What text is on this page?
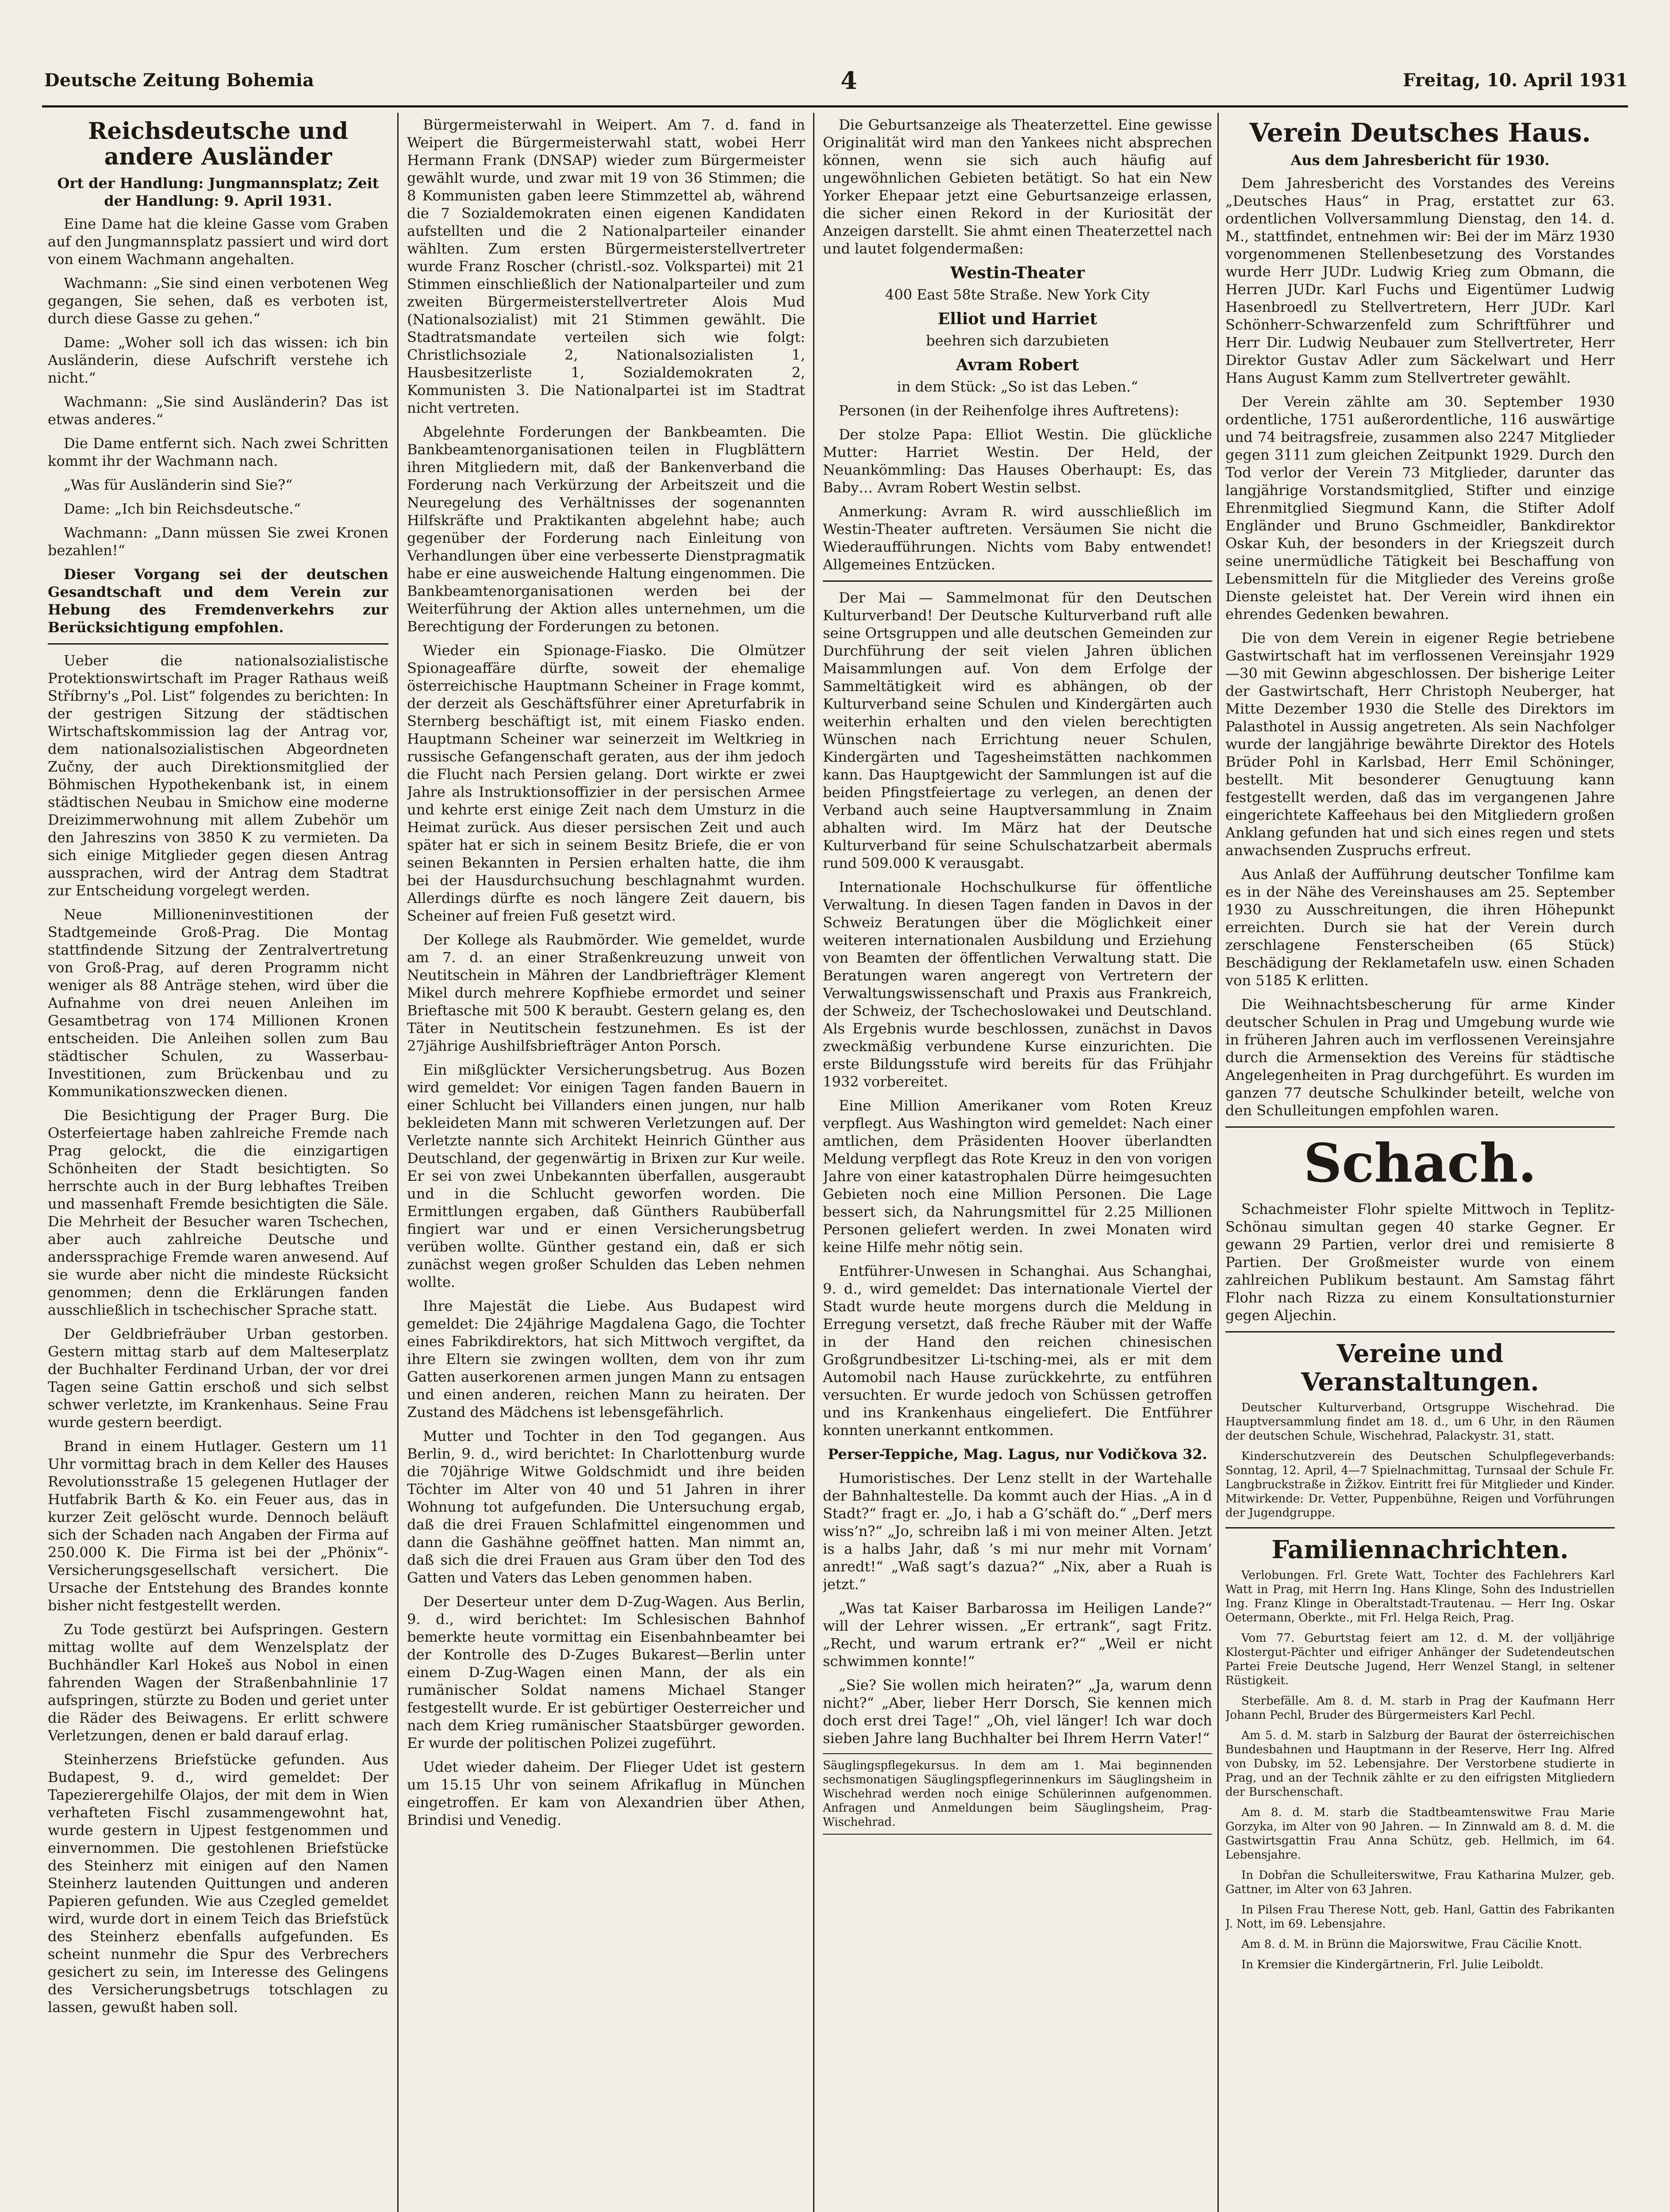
Deutsche Zeitung Bohemia	4	Freitag, 10. April 1931
Reichsdeutsche und andere Ausländer
Ort der Handlung: Jungmannsplatz; Zeit der Handlung: 9. April 1931.

Eine Dame hat die kleine Gasse vom Graben auf den Jungmannsplatz passiert und wird dort von einem Wachmann angehalten.

Wachmann: „Sie sind einen verbotenen Weg gegangen, Sie sehen, daß es verboten ist, durch diese Gasse zu gehen.“

Dame: „Woher soll ich das wissen: ich bin Ausländerin, diese Aufschrift verstehe ich nicht.“

Wachmann: „Sie sind Ausländerin? Das ist etwas anderes.“

Die Dame entfernt sich. Nach zwei Schritten kommt ihr der Wachmann nach.

„Was für Ausländerin sind Sie?“

Dame: „Ich bin Reichsdeutsche.“

Wachmann: „Dann müssen Sie zwei Kronen bezahlen!“

Dieser Vorgang sei der deutschen Gesandtschaft und dem Verein zur Hebung des Fremdenverkehrs zur Berücksichtigung empfohlen.

Ueber die nationalsozialistische Protektionswirtschaft im Prager Rathaus weiß Stříbrny's „Pol. List“ folgendes zu berichten: In der gestrigen Sitzung der städtischen Wirtschaftskommission lag der Antrag vor, dem nationalsozialistischen Abgeordneten Zučny, der auch Direktionsmitglied der Böhmischen Hypothekenbank ist, in einem städtischen Neubau in Smichow eine moderne Dreizimmerwohnung mit allem Zubehör um den Jahreszins von 3850 K zu vermieten. Da sich einige Mitglieder gegen diesen Antrag aussprachen, wird der Antrag dem Stadtrat zur Entscheidung vorgelegt werden.

Neue Millioneninvestitionen der Stadtgemeinde Groß-Prag. Die Montag stattfindende Sitzung der Zentralvertretung von Groß-Prag, auf deren Programm nicht weniger als 88 Anträge stehen, wird über die Aufnahme von drei neuen Anleihen im Gesamtbetrag von 174 Millionen Kronen entscheiden. Die Anleihen sollen zum Bau städtischer Schulen, zu Wasserbau-Investitionen, zum Brückenbau und zu Kommunikationszwecken dienen.

Die Besichtigung der Prager Burg. Die Osterfeiertage haben zahlreiche Fremde nach Prag gelockt, die die einzigartigen Schönheiten der Stadt besichtigten. So herrschte auch in der Burg lebhaftes Treiben und massenhaft Fremde besichtigten die Säle. Die Mehrheit der Besucher waren Tschechen, aber auch zahlreiche Deutsche und anderssprachige Fremde waren anwesend. Auf sie wurde aber nicht die mindeste Rücksicht genommen; denn die Erklärungen fanden ausschließlich in tschechischer Sprache statt.

Der Geldbriefräuber Urban gestorben. Gestern mittag starb auf dem Malteserplatz der Buchhalter Ferdinand Urban, der vor drei Tagen seine Gattin erschoß und sich selbst schwer verletzte, im Krankenhaus. Seine Frau wurde gestern beerdigt.

Brand in einem Hutlager. Gestern um 11 Uhr vormittag brach in dem Keller des Hauses Revolutionsstraße 15 gelegenen Hutlager der Hutfabrik Barth & Ko. ein Feuer aus, das in kurzer Zeit gelöscht wurde. Dennoch beläuft sich der Schaden nach Angaben der Firma auf 250.000 K. Die Firma ist bei der „Phönix“-Versicherungsgesellschaft versichert. Die Ursache der Entstehung des Brandes konnte bisher nicht festgestellt werden.

Zu Tode gestürzt bei Aufspringen. Gestern mittag wollte auf dem Wenzelsplatz der Buchhändler Karl Hokeš aus Nobol in einen fahrenden Wagen der Straßenbahnlinie 17 aufspringen, stürzte zu Boden und geriet unter die Räder des Beiwagens. Er erlitt schwere Verletzungen, denen er bald darauf erlag.

Steinherzens Briefstücke gefunden. Aus Budapest, 9. d., wird gemeldet: Der Tapezierergehilfe Olajos, der mit dem in Wien verhafteten Fischl zusammengewohnt hat, wurde gestern in Ujpest festgenommen und einvernommen. Die gestohlenen Briefstücke des Steinherz mit einigen auf den Namen Steinherz lautenden Quittungen und anderen Papieren gefunden. Wie aus Czegled gemeldet wird, wurde dort in einem Teich das Briefstück des Steinherz ebenfalls aufgefunden. Es scheint nunmehr die Spur des Verbrechers gesichert zu sein, im Interesse des Gelingens des Versicherungsbetrugs totschlagen zu lassen, gewußt haben soll.

Bürgermeisterwahl in Weipert. Am 7. d. fand in Weipert die Bürgermeisterwahl statt, wobei Herr Hermann Frank (DNSAP) wieder zum Bürgermeister gewählt wurde, und zwar mit 19 von 36 Stimmen; die 8 Kommunisten gaben leere Stimmzettel ab, während die 7 Sozialdemokraten einen eigenen Kandidaten aufstellten und die 2 Nationalparteiler einander wählten. Zum ersten Bürgermeisterstellvertreter wurde Franz Roscher (christl.-soz. Volkspartei) mit 21 Stimmen einschließlich der Nationalparteiler und zum zweiten Bürgermeisterstellvertreter Alois Mud (Nationalsozialist) mit 21 Stimmen gewählt. Die Stadtratsmandate verteilen sich wie folgt: Christlichsoziale 2, Nationalsozialisten 1, Hausbesitzerliste 1, Sozialdemokraten 2, Kommunisten 3. Die Nationalpartei ist im Stadtrat nicht vertreten.

Abgelehnte Forderungen der Bankbeamten. Die Bankbeamtenorganisationen teilen in Flugblättern ihren Mitgliedern mit, daß der Bankenverband die Forderung nach Verkürzung der Arbeitszeit und die Neuregelung des Verhältnisses der sogenannten Hilfskräfte und Praktikanten abgelehnt habe; auch gegenüber der Forderung nach Einleitung von Verhandlungen über eine verbesserte Dienstpragmatik habe er eine ausweichende Haltung eingenommen. Die Bankbeamtenorganisationen werden bei der Weiterführung der Aktion alles unternehmen, um die Berechtigung der Forderungen zu betonen.

Wieder ein Spionage-Fiasko. Die Olmützer Spionageaffäre dürfte, soweit der ehemalige österreichische Hauptmann Scheiner in Frage kommt, der derzeit als Geschäftsführer einer Apreturfabrik in Sternberg beschäftigt ist, mit einem Fiasko enden. Hauptmann Scheiner war seinerzeit im Weltkrieg in russische Gefangenschaft geraten, aus der ihm jedoch die Flucht nach Persien gelang. Dort wirkte er zwei Jahre als Instruktionsoffizier in der persischen Armee und kehrte erst einige Zeit nach dem Umsturz in die Heimat zurück. Aus dieser persischen Zeit und auch später hat er sich in seinem Besitz Briefe, die er von seinen Bekannten in Persien erhalten hatte, die ihm bei der Hausdurchsuchung beschlagnahmt wurden. Allerdings dürfte es noch längere Zeit dauern, bis Scheiner auf freien Fuß gesetzt wird.

Der Kollege als Raubmörder. Wie gemeldet, wurde am 7. d. an einer Straßenkreuzung unweit von Neutitschein in Mähren der Landbriefträger Klement Mikel durch mehrere Kopfhiebe ermordet und seiner Brieftasche mit 500 K beraubt. Gestern gelang es, den Täter in Neutitschein festzunehmen. Es ist der 27jährige Aushilfsbriefträger Anton Porsch.

Ein mißglückter Versicherungsbetrug. Aus Bozen wird gemeldet: Vor einigen Tagen fanden Bauern in einer Schlucht bei Villanders einen jungen, nur halb bekleideten Mann mit schweren Verletzungen auf. Der Verletzte nannte sich Architekt Heinrich Günther aus Deutschland, der gegenwärtig in Brixen zur Kur weile. Er sei von zwei Unbekannten überfallen, ausgeraubt und in die Schlucht geworfen worden. Die Ermittlungen ergaben, daß Günthers Raubüberfall fingiert war und er einen Versicherungsbetrug verüben wollte. Günther gestand ein, daß er sich zunächst wegen großer Schulden das Leben nehmen wollte.

Ihre Majestät die Liebe. Aus Budapest wird gemeldet: Die 24jährige Magdalena Gago, die Tochter eines Fabrikdirektors, hat sich Mittwoch vergiftet, da ihre Eltern sie zwingen wollten, dem von ihr zum Gatten auserkorenen armen jungen Mann zu entsagen und einen anderen, reichen Mann zu heiraten. Der Zustand des Mädchens ist lebensgefährlich.

Mutter und Tochter in den Tod gegangen. Aus Berlin, 9. d., wird berichtet: In Charlottenburg wurde die 70jährige Witwe Goldschmidt und ihre beiden Töchter im Alter von 40 und 51 Jahren in ihrer Wohnung tot aufgefunden. Die Untersuchung ergab, daß die drei Frauen Schlafmittel eingenommen und dann die Gashähne geöffnet hatten. Man nimmt an, daß sich die drei Frauen aus Gram über den Tod des Gatten und Vaters das Leben genommen haben.

Der Deserteur unter dem D-Zug-Wagen. Aus Berlin, 9. d., wird berichtet: Im Schlesischen Bahnhof bemerkte heute vormittag ein Eisenbahnbeamter bei der Kontrolle des D-Zuges Bukarest—Berlin unter einem D-Zug-Wagen einen Mann, der als ein rumänischer Soldat namens Michael Stanger festgestellt wurde. Er ist gebürtiger Oesterreicher und nach dem Krieg rumänischer Staatsbürger geworden. Er wurde der politischen Polizei zugeführt.

Udet wieder daheim. Der Flieger Udet ist gestern um 15.15 Uhr von seinem Afrikaflug in München eingetroffen. Er kam von Alexandrien über Athen, Brindisi und Venedig.

Die Geburtsanzeige als Theaterzettel. Eine gewisse Originalität wird man den Yankees nicht absprechen können, wenn sie sich auch häufig auf ungewöhnlichen Gebieten betätigt. So hat ein New Yorker Ehepaar jetzt eine Geburtsanzeige erlassen, die sicher einen Rekord in der Kuriosität der Anzeigen darstellt. Sie ahmt einen Theaterzettel nach und lautet folgendermaßen:

Westin-Theater

400 East 58te Straße. New York City

Elliot und Harriet

beehren sich darzubieten

Avram Robert

in dem Stück: „So ist das Leben.“

Personen (in der Reihenfolge ihres Auftretens):

Der stolze Papa: Elliot Westin. Die glückliche Mutter: Harriet Westin. Der Held, der Neuankömmling: Das Hauses Oberhaupt: Es, das Baby… Avram Robert Westin selbst.

Anmerkung: Avram R. wird ausschließlich im Westin-Theater auftreten. Versäumen Sie nicht die Wiederaufführungen. Nichts vom Baby entwendet! Allgemeines Entzücken.

Der Mai — Sammelmonat für den Deutschen Kulturverband! Der Deutsche Kulturverband ruft alle seine Ortsgruppen und alle deutschen Gemeinden zur Durchführung der seit vielen Jahren üblichen Maisammlungen auf. Von dem Erfolge der Sammeltätigkeit wird es abhängen, ob der Kulturverband seine Schulen und Kindergärten auch weiterhin erhalten und den vielen berechtigten Wünschen nach Errichtung neuer Schulen, Kindergärten und Tagesheimstätten nachkommen kann. Das Hauptgewicht der Sammlungen ist auf die beiden Pfingstfeiertage zu verlegen, an denen der Verband auch seine Hauptversammlung in Znaim abhalten wird. Im März hat der Deutsche Kulturverband für seine Schulschatzarbeit abermals rund 509.000 K verausgabt.

Internationale Hochschulkurse für öffentliche Verwaltung. In diesen Tagen fanden in Davos in der Schweiz Beratungen über die Möglichkeit einer weiteren internationalen Ausbildung und Erziehung von Beamten der öffentlichen Verwaltung statt. Die Beratungen waren angeregt von Vertretern der Verwaltungswissenschaft und Praxis aus Frankreich, der Schweiz, der Tschechoslowakei und Deutschland. Als Ergebnis wurde beschlossen, zunächst in Davos zweckmäßig verbundene Kurse einzurichten. Die erste Bildungsstufe wird bereits für das Frühjahr 1932 vorbereitet.

Eine Million Amerikaner vom Roten Kreuz verpflegt. Aus Washington wird gemeldet: Nach einer amtlichen, dem Präsidenten Hoover überlandten Meldung verpflegt das Rote Kreuz in den von vorigen Jahre von einer katastrophalen Dürre heimgesuchten Gebieten noch eine Million Personen. Die Lage bessert sich, da Nahrungsmittel für 2.25 Millionen Personen geliefert werden. In zwei Monaten wird keine Hilfe mehr nötig sein.

Entführer-Unwesen in Schanghai. Aus Schanghai, 9. d., wird gemeldet: Das internationale Viertel der Stadt wurde heute morgens durch die Meldung in Erregung versetzt, daß freche Räuber mit der Waffe in der Hand den reichen chinesischen Großgrundbesitzer Li-tsching-mei, als er mit dem Automobil nach Hause zurückkehrte, zu entführen versuchten. Er wurde jedoch von Schüssen getroffen und ins Krankenhaus eingeliefert. Die Entführer konnten unerkannt entkommen.

Perser-Teppiche, Mag. Lagus, nur Vodičkova 32.

Humoristisches. Der Lenz stellt in der Wartehalle der Bahnhaltestelle. Da kommt auch der Hias. „A in d Stadt?“ fragt er. „Jo, i hab a G’schäft do.“ „Derf mers wiss’n?“ „Jo, schreibn laß i mi von meiner Alten. Jetzt is a halbs Jahr, daß ’s mi nur mehr mit Vornam’ anredt!“ „Waß sagt’s dazua?“ „Nix, aber a Ruah is jetzt.“

„Was tat Kaiser Barbarossa im Heiligen Lande?“ will der Lehrer wissen. „Er ertrank“, sagt Fritz. „Recht, und warum ertrank er?“ „Weil er nicht schwimmen konnte!“

„Sie? Sie wollen mich heiraten?“ „Ja, warum denn nicht?“ „Aber, lieber Herr Dorsch, Sie kennen mich doch erst drei Tage!“ „Oh, viel länger! Ich war doch sieben Jahre lang Buchhalter bei Ihrem Herrn Vater!“

Säuglingspflegekursus. In dem am 1. Mai beginnenden sechsmonatigen Säuglingspflegerinnenkurs im Säuglingsheim in Wischehrad werden noch einige Schülerinnen aufgenommen. Anfragen und Anmeldungen beim Säuglingsheim, Prag-Wischehrad.
Verein Deutsches Haus.
Aus dem Jahresbericht für 1930.

Dem Jahresbericht des Vorstandes des Vereins „Deutsches Haus“ in Prag, erstattet zur 63. ordentlichen Vollversammlung Dienstag, den 14. d. M., stattfindet, entnehmen wir: Bei der im März 1930 vorgenommenen Stellenbesetzung des Vorstandes wurde Herr JUDr. Ludwig Krieg zum Obmann, die Herren JUDr. Karl Fuchs und Eigentümer Ludwig Hasenbroedl zu Stellvertretern, Herr JUDr. Karl Schönherr-Schwarzenfeld zum Schriftführer und Herr Dir. Ludwig Neubauer zum Stellvertreter, Herr Direktor Gustav Adler zum Säckelwart und Herr Hans August Kamm zum Stellvertreter gewählt.

Der Verein zählte am 30. September 1930 ordentliche, 1751 außerordentliche, 116 auswärtige und 74 beitragsfreie, zusammen also 2247 Mitglieder gegen 3111 zum gleichen Zeitpunkt 1929. Durch den Tod verlor der Verein 73 Mitglieder, darunter das langjährige Vorstandsmitglied, Stifter und einzige Ehrenmitglied Siegmund Kann, die Stifter Adolf Engländer und Bruno Gschmeidler, Bankdirektor Oskar Kuh, der besonders in der Kriegszeit durch seine unermüdliche Tätigkeit bei Beschaffung von Lebensmitteln für die Mitglieder des Vereins große Dienste geleistet hat. Der Verein wird ihnen ein ehrendes Gedenken bewahren.

Die von dem Verein in eigener Regie betriebene Gastwirtschaft hat im verflossenen Vereinsjahr 1929—30 mit Gewinn abgeschlossen. Der bisherige Leiter der Gastwirtschaft, Herr Christoph Neuberger, hat Mitte Dezember 1930 die Stelle des Direktors im Palasthotel in Aussig angetreten. Als sein Nachfolger wurde der langjährige bewährte Direktor des Hotels Brüder Pohl in Karlsbad, Herr Emil Schöninger, bestellt. Mit besonderer Genugtuung kann festgestellt werden, daß das im vergangenen Jahre eingerichtete Kaffeehaus bei den Mitgliedern großen Anklang gefunden hat und sich eines regen und stets anwachsenden Zuspruchs erfreut.

Aus Anlaß der Aufführung deutscher Tonfilme kam es in der Nähe des Vereinshauses am 25. September 1930 zu Ausschreitungen, die ihren Höhepunkt erreichten. Durch sie hat der Verein durch zerschlagene Fensterscheiben (65 Stück) Beschädigung der Reklametafeln usw. einen Schaden von 5185 K erlitten.

Die Weihnachtsbescherung für arme Kinder deutscher Schulen in Prag und Umgebung wurde wie in früheren Jahren auch im verflossenen Vereinsjahre durch die Armensektion des Vereins für städtische Angelegenheiten in Prag durchgeführt. Es wurden im ganzen 77 deutsche Schulkinder beteilt, welche von den Schulleitungen empfohlen waren.

Schach.

Schachmeister Flohr spielte Mittwoch in Teplitz-Schönau simultan gegen 40 starke Gegner. Er gewann 29 Partien, verlor drei und remisierte 8 Partien. Der Großmeister wurde von einem zahlreichen Publikum bestaunt. Am Samstag fährt Flohr nach Rizza zu einem Konsultationsturnier gegen Aljechin.

Vereine und Veranstaltungen.

Deutscher Kulturverband, Ortsgruppe Wischehrad. Die Hauptversammlung findet am 18. d., um 6 Uhr, in den Räumen der deutschen Schule, Wischehrad, Palackystr. 31, statt.

Kinderschutzverein des Deutschen Schulpflegeverbands: Sonntag, 12. April, 4—7 Spielnachmittag, Turnsaal der Schule Fr. Langbruckstraße in Žižkov. Eintritt frei für Mitglieder und Kinder. Mitwirkende: Dr. Vetter, Puppenbühne, Reigen und Vorführungen der Jugendgruppe.

Familiennachrichten.

Verlobungen. Frl. Grete Watt, Tochter des Fachlehrers Karl Watt in Prag, mit Herrn Ing. Hans Klinge, Sohn des Industriellen Ing. Franz Klinge in Oberaltstadt-Trautenau. — Herr Ing. Oskar Oetermann, Oberkte., mit Frl. Helga Reich, Prag.

Vom 77. Geburtstag feiert am 12. d. M. der volljährige Klostergut-Pächter und eifriger Anhänger der Sudetendeutschen Partei Freie Deutsche Jugend, Herr Wenzel Stangl, in seltener Rüstigkeit.

Sterbefälle. Am 8. d. M. starb in Prag der Kaufmann Herr Johann Pechl, Bruder des Bürgermeisters Karl Pechl.

Am 5. d. M. starb in Salzburg der Baurat der österreichischen Bundesbahnen und Hauptmann in der Reserve, Herr Ing. Alfred von Dubsky, im 52. Lebensjahre. Der Verstorbene studierte in Prag, und an der Technik zählte er zu den eifrigsten Mitgliedern der Burschenschaft.

Am 8. d. M. starb die Stadtbeamtenswitwe Frau Marie Gorzyka, im Alter von 90 Jahren. — In Zinnwald am 8. d. M. die Gastwirtsgattin Frau Anna Schütz, geb. Hellmich, im 64. Lebensjahre.

In Dobřan die Schulleiterswitwe, Frau Katharina Mulzer, geb. Gattner, im Alter von 63 Jahren.

In Pilsen Frau Therese Nott, geb. Hanl, Gattin des Fabrikanten J. Nott, im 69. Lebensjahre.

Am 8. d. M. in Brünn die Majorswitwe, Frau Cäcilie Knott.

In Kremsier die Kindergärtnerin, Frl. Julie Leiboldt.
